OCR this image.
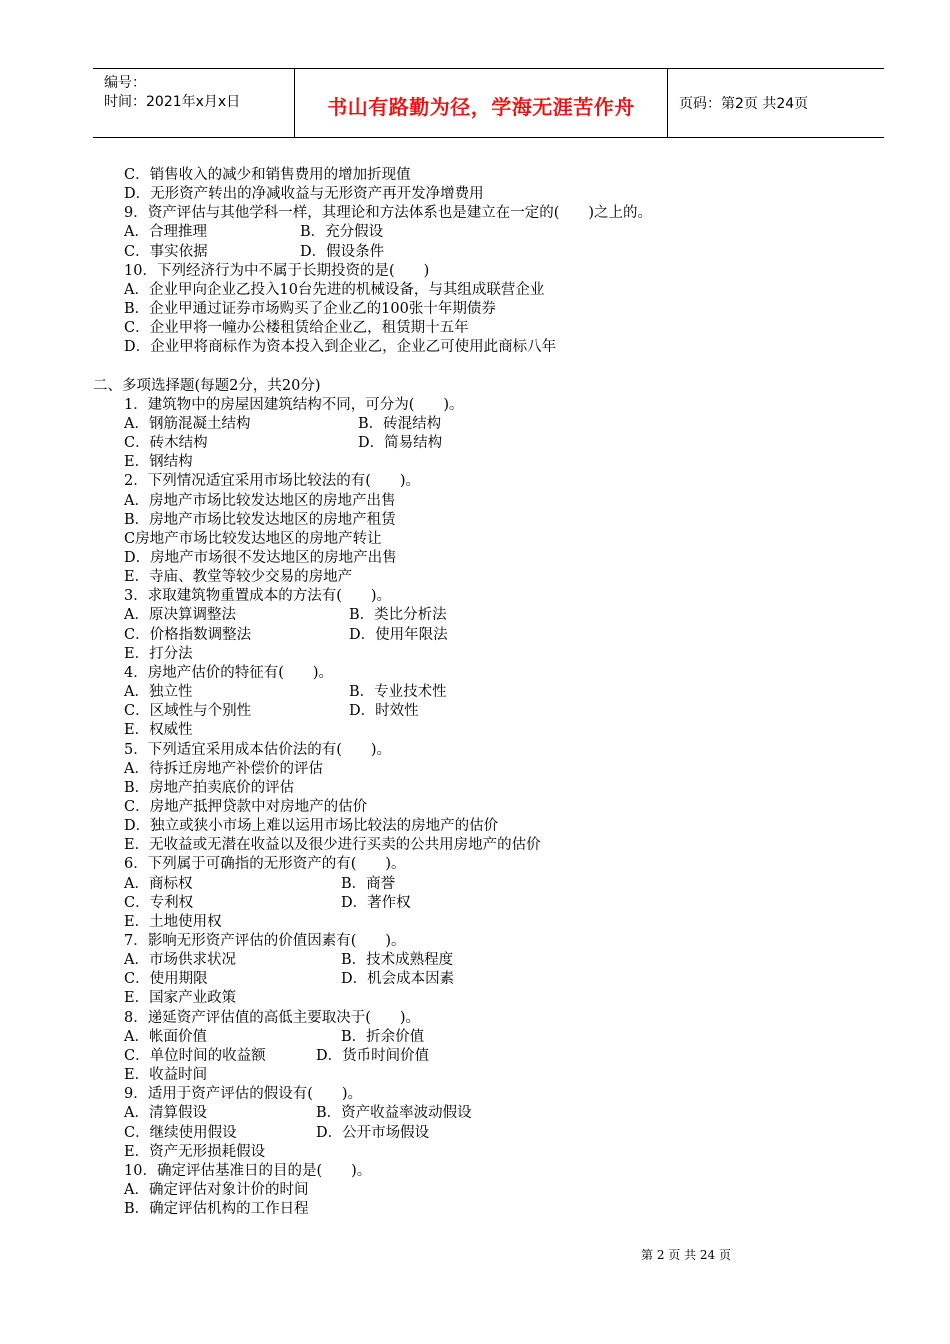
编号：
时间：2021年x月x日	书山有路勤为径，学海无涯苦作舟	页码：第2页 共24页
C．销售收入的减少和销售费用的增加折现值
D．无形资产转出的净减收益与无形资产再开发净增费用
9．资产评估与其他学科一样，其理论和方法体系也是建立在一定的(　　)之上的。
A．合理推理	B．充分假设
C．事实依据	D．假设条件
10．下列经济行为中不属于长期投资的是(　　)
A．企业甲向企业乙投入10台先进的机械设备，与其组成联营企业
B．企业甲通过证券市场购买了企业乙的100张十年期债券
C．企业甲将一幢办公楼租赁给企业乙，租赁期十五年
D．企业甲将商标作为资本投入到企业乙，企业乙可使用此商标八年
二、多项选择题(每题2分，共20分)
1．建筑物中的房屋因建筑结构不同，可分为(　　)。
A．钢筋混凝土结构	B．砖混结构
C．砖木结构	D．简易结构
E．钢结构
2．下列情况适宜采用市场比较法的有(　　)。
A．房地产市场比较发达地区的房地产出售
B．房地产市场比较发达地区的房地产租赁
C房地产市场比较发达地区的房地产转让
D．房地产市场很不发达地区的房地产出售
E．寺庙、教堂等较少交易的房地产
3．求取建筑物重置成本的方法有(　　)。
A．原决算调整法	B．类比分析法
C．价格指数调整法	D．使用年限法
E．打分法
4．房地产估价的特征有(　　)。
A．独立性	B．专业技术性
C．区域性与个别性	D．时效性
E．权威性
5．下列适宜采用成本估价法的有(　　)。
A．待拆迁房地产补偿价的评估
B．房地产拍卖底价的评估
C．房地产抵押贷款中对房地产的估价
D．独立或狭小市场上难以运用市场比较法的房地产的估价
E．无收益或无潜在收益以及很少进行买卖的公共用房地产的估价
6．下列属于可确指的无形资产的有(　　)。
A．商标权	B．商誉
C．专利权	D．著作权
E．土地使用权
7．影响无形资产评估的价值因素有(　　)。
A．市场供求状况	B．技术成熟程度
C．使用期限	D．机会成本因素
E．国家产业政策
8．递延资产评估值的高低主要取决于(　　)。
A．帐面价值	B．折余价值
C．单位时间的收益额	D．货币时间价值
E．收益时间
9．适用于资产评估的假设有(　　)。
A．清算假设	B．资产收益率波动假设
C．继续使用假设	D．公开市场假设
E．资产无形损耗假设
10．确定评估基准日的目的是(　　)。
A．确定评估对象计价的时间
B．确定评估机构的工作日程
第 2 页 共 24 页
